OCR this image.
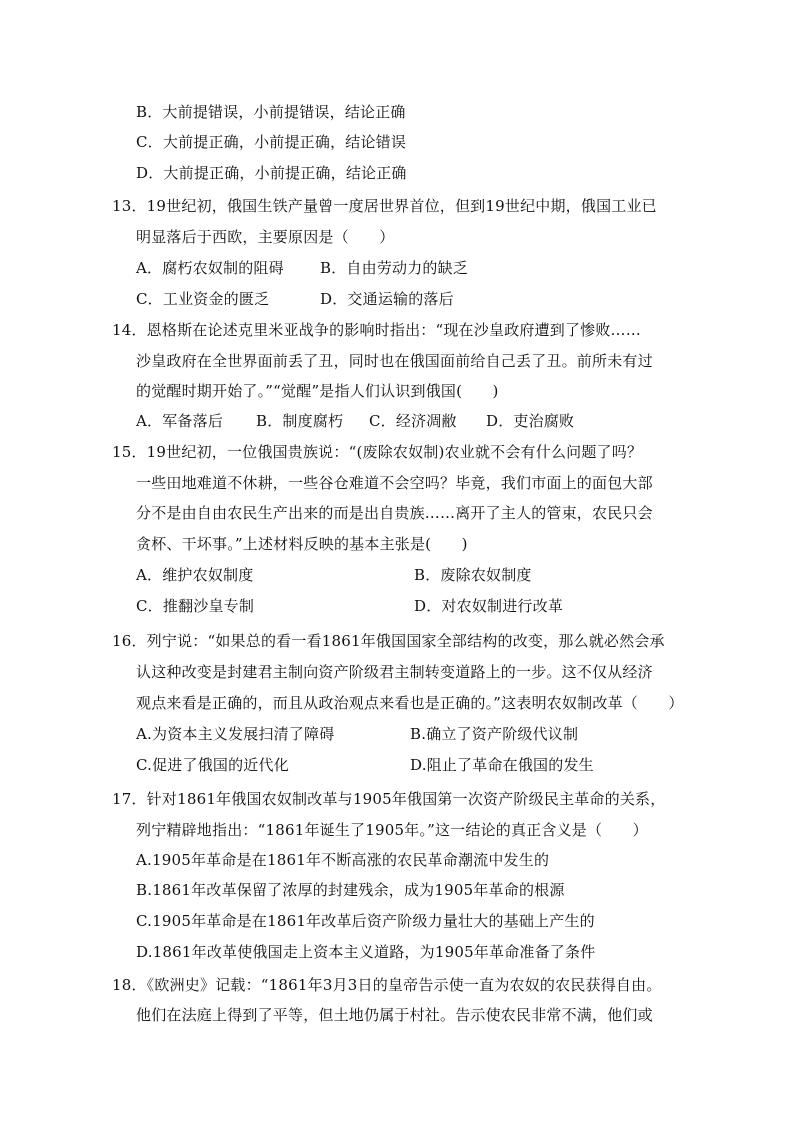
B．大前提错误，小前提错误，结论正确
C．大前提正确，小前提正确，结论错误
D．大前提正确，小前提正确，结论正确
13．19世纪初，俄国生铁产量曾一度居世界首位，但到19世纪中期，俄国工业已
明显落后于西欧，主要原因是（　　）
A．腐朽农奴制的阻碍 B．自由劳动力的缺乏
C．工业资金的匮乏	D．交通运输的落后
14．恩格斯在论述克里米亚战争的影响时指出：“现在沙皇政府遭到了惨败……
沙皇政府在全世界面前丢了丑，同时也在俄国面前给自己丢了丑。前所未有过
的觉醒时期开始了。”“觉醒”是指人们认识到俄国(　　)
A．军备落后 B．制度腐朽 C．经济凋敝 D．吏治腐败
15．19世纪初，一位俄国贵族说：“(废除农奴制)农业就不会有什么问题了吗？
一些田地难道不休耕，一些谷仓难道不会空吗？毕竟，我们市面上的面包大部
分不是由自由农民生产出来的而是出自贵族……离开了主人的管束，农民只会
贪杯、干坏事。”上述材料反映的基本主张是(　　)
A．维护农奴制度	B．废除农奴制度
C．推翻沙皇专制	D．对农奴制进行改革
16．列宁说：“如果总的看一看1861年俄国国家全部结构的改变，那么就必然会承
认这种改变是封建君主制向资产阶级君主制转变道路上的一步。这不仅从经济
观点来看是正确的，而且从政治观点来看也是正确的。”这表明农奴制改革（　　）
A.为资本主义发展扫清了障碍	B.确立了资产阶级代议制
C.促进了俄国的近代化	D.阻止了革命在俄国的发生
17．针对1861年俄国农奴制改革与1905年俄国第一次资产阶级民主革命的关系，
列宁精辟地指出：“1861年诞生了1905年。”这一结论的真正含义是（　　）
A.1905年革命是在1861年不断高涨的农民革命潮流中发生的
B.1861年改革保留了浓厚的封建残余，成为1905年革命的根源
C.1905年革命是在1861年改革后资产阶级力量壮大的基础上产生的
D.1861年改革使俄国走上资本主义道路，为1905年革命准备了条件
18．《欧洲史》记载：“1861年3月3日的皇帝告示使一直为农奴的农民获得自由。
他们在法庭上得到了平等，但土地仍属于村社。告示使农民非常不满，他们或
